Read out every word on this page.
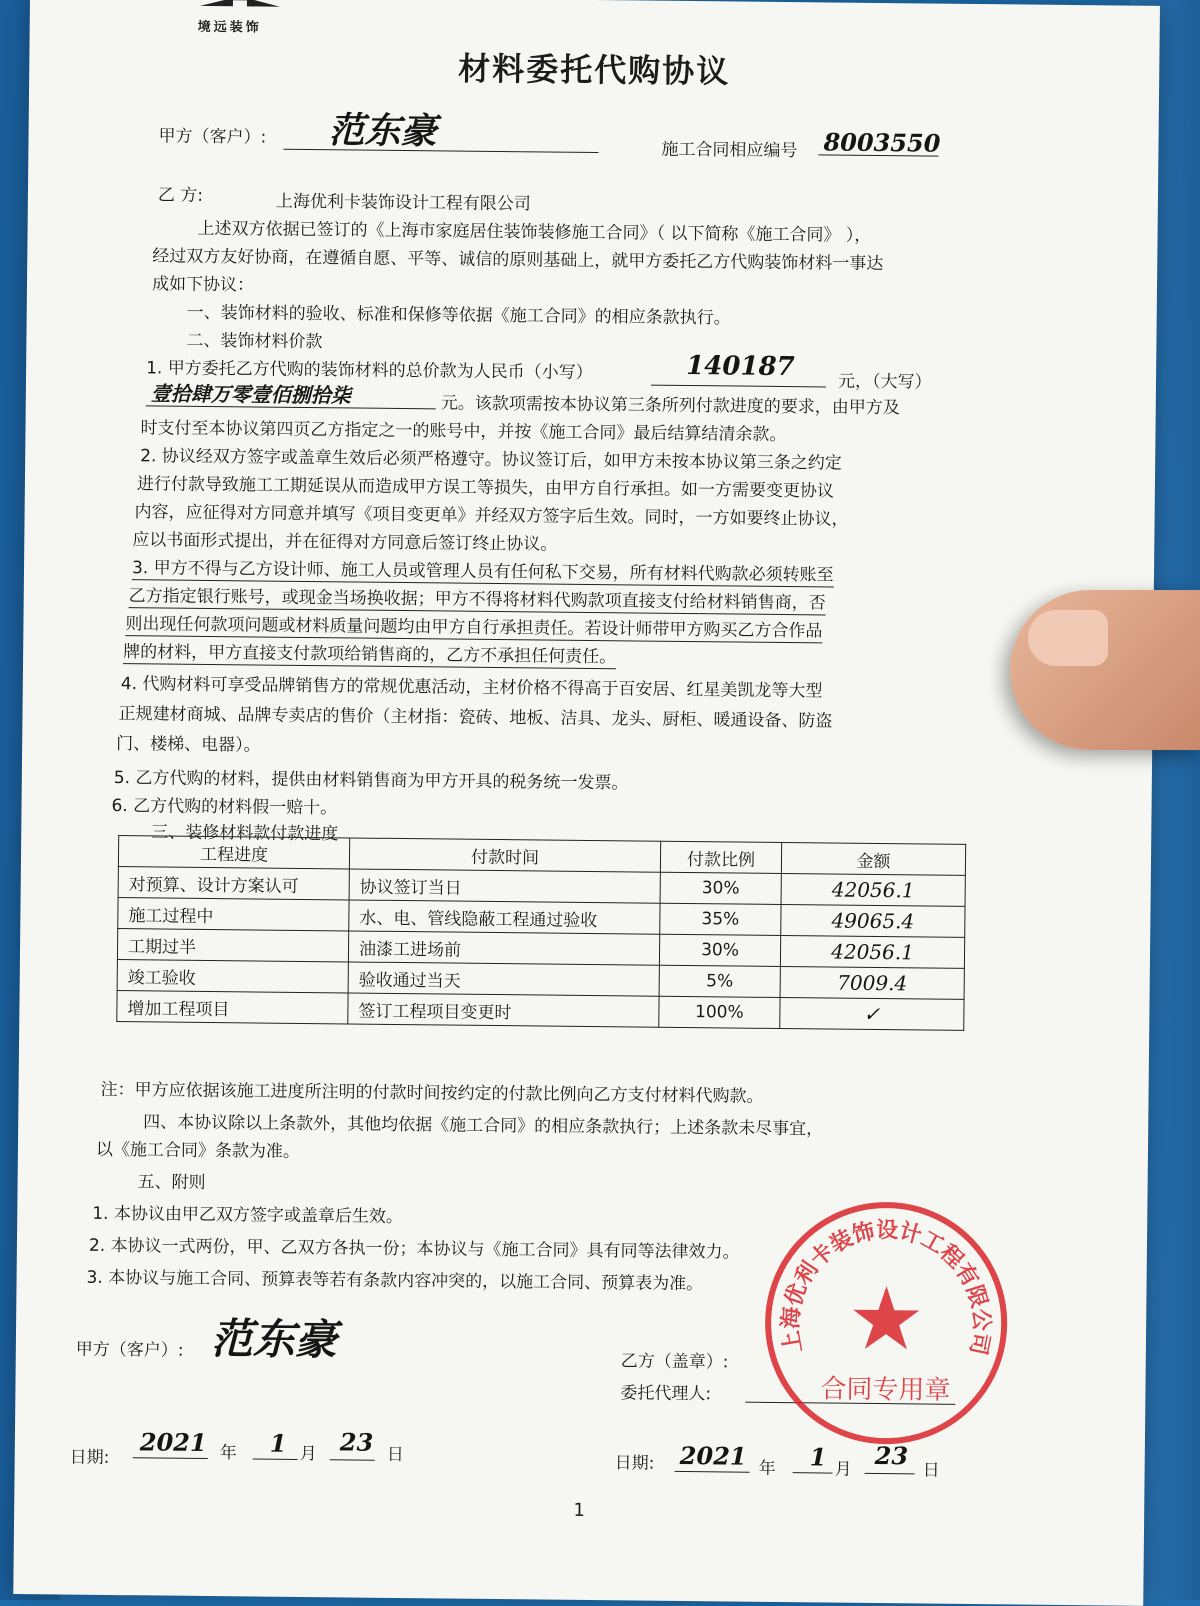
境远装饰
材料委托代购协议
甲方（客户）: 范东豪	施工合同相应编号 8003550
乙 方:	上海优利卡装饰设计工程有限公司
上述双方依据已签订的《上海市家庭居住装饰装修施工合同》（ 以下简称《施工合同》 ），
经过双方友好协商，在遵循自愿、平等、诚信的原则基础上，就甲方委托乙方代购装饰材料一事达
成如下协议：
一、装饰材料的验收、标准和保修等依据《施工合同》的相应条款执行。
二、装饰材料价款
1. 甲方委托乙方代购的装饰材料的总价款为人民币（小写）	140187	元，（大写）
壹拾肆万零壹佰捌拾柒	元。该款项需按本协议第三条所列付款进度的要求，由甲方及
时支付至本协议第四页乙方指定之一的账号中，并按《施工合同》最后结算结清余款。
2. 协议经双方签字或盖章生效后必须严格遵守。协议签订后，如甲方未按本协议第三条之约定
进行付款导致施工工期延误从而造成甲方误工等损失，由甲方自行承担。如一方需要变更协议
内容，应征得对方同意并填写《项目变更单》并经双方签字后生效。同时，一方如要终止协议，
应以书面形式提出，并在征得对方同意后签订终止协议。
3. 甲方不得与乙方设计师、施工人员或管理人员有任何私下交易，所有材料代购款必须转账至
乙方指定银行账号，或现金当场换收据；甲方不得将材料代购款项直接支付给材料销售商，否
则出现任何款项问题或材料质量问题均由甲方自行承担责任。若设计师带甲方购买乙方合作品
牌的材料，甲方直接支付款项给销售商的，乙方不承担任何责任。
4. 代购材料可享受品牌销售方的常规优惠活动，主材价格不得高于百安居、红星美凯龙等大型
正规建材商城、品牌专卖店的售价（主材指：瓷砖、地板、洁具、龙头、厨柜、暖通设备、防盗
门、楼梯、电器）。
5. 乙方代购的材料，提供由材料销售商为甲方开具的税务统一发票。
6. 乙方代购的材料假一赔十。
三、装修材料款付款进度
工程进度	付款时间	付款比例	金额
对预算、设计方案认可	协议签订当日	30%	42056.1
施工过程中	水、电、管线隐蔽工程通过验收	35%	49065.4
工期过半	油漆工进场前	30%	42056.1
竣工验收	验收通过当天	5%	7009.4
增加工程项目	签订工程项目变更时	100%	✓
注：甲方应依据该施工进度所注明的付款时间按约定的付款比例向乙方支付材料代购款。
四、本协议除以上条款外，其他均依据《施工合同》的相应条款执行；上述条款未尽事宜，
以《施工合同》条款为准。
五、附则
1. 本协议由甲乙双方签字或盖章后生效。
2. 本协议一式两份，甲、乙双方各执一份；本协议与《施工合同》具有同等法律效力。
3. 本协议与施工合同、预算表等若有条款内容冲突的，以施工合同、预算表为准。
甲方（客户）: 范东豪	乙方（盖章）:
委托代理人:
日期:
2021 年 1 月 23 日	日期: 2021 年 1 月 23
日
上海优利卡装饰设计工程有限公司
合同专用章
1
